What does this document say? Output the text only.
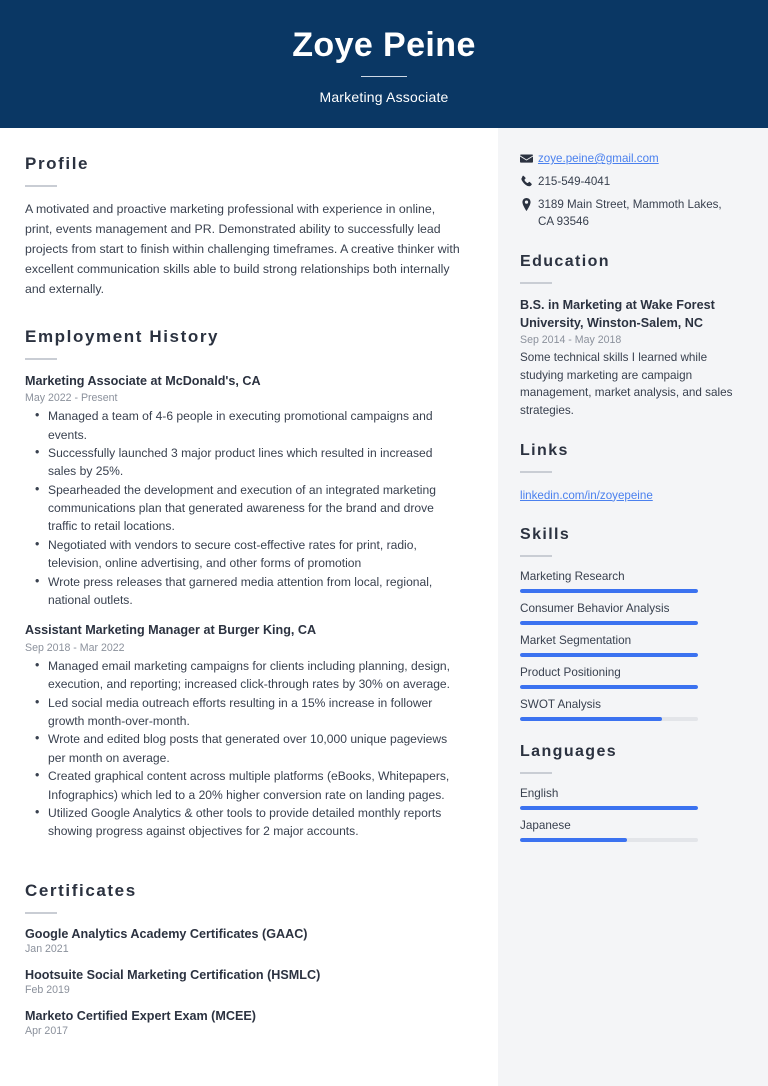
Zoye Peine
Marketing Associate
Profile
A motivated and proactive marketing professional with experience in online, print, events management and PR. Demonstrated ability to successfully lead projects from start to finish within challenging timeframes. A creative thinker with excellent communication skills able to build strong relationships both internally and externally.
Employment History
Marketing Associate at McDonald's, CA
May 2022 - Present
• Managed a team of 4-6 people in executing promotional campaigns and events.
• Successfully launched 3 major product lines which resulted in increased sales by 25%.
• Spearheaded the development and execution of an integrated marketing communications plan that generated awareness for the brand and drove traffic to retail locations.
• Negotiated with vendors to secure cost-effective rates for print, radio, television, online advertising, and other forms of promotion
• Wrote press releases that garnered media attention from local, regional, national outlets.
Assistant Marketing Manager at Burger King, CA
Sep 2018 - Mar 2022
• Managed email marketing campaigns for clients including planning, design, execution, and reporting; increased click-through rates by 30% on average.
• Led social media outreach efforts resulting in a 15% increase in follower growth month-over-month.
• Wrote and edited blog posts that generated over 10,000 unique pageviews per month on average.
• Created graphical content across multiple platforms (eBooks, Whitepapers, Infographics) which led to a 20% higher conversion rate on landing pages.
• Utilized Google Analytics & other tools to provide detailed monthly reports showing progress against objectives for 2 major accounts.
Certificates
Google Analytics Academy Certificates (GAAC)
Jan 2021
Hootsuite Social Marketing Certification (HSMLC)
Feb 2019
Marketo Certified Expert Exam (MCEE)
Apr 2017
zoye.peine@gmail.com
215-549-4041
3189 Main Street, Mammoth Lakes, CA 93546
Education
B.S. in Marketing at Wake Forest University, Winston-Salem, NC
Sep 2014 - May 2018
Some technical skills I learned while studying marketing are campaign management, market analysis, and sales strategies.
Links
linkedin.com/in/zoyepeine
Skills
Marketing Research
Consumer Behavior Analysis
Market Segmentation
Product Positioning
SWOT Analysis
Languages
English
Japanese
